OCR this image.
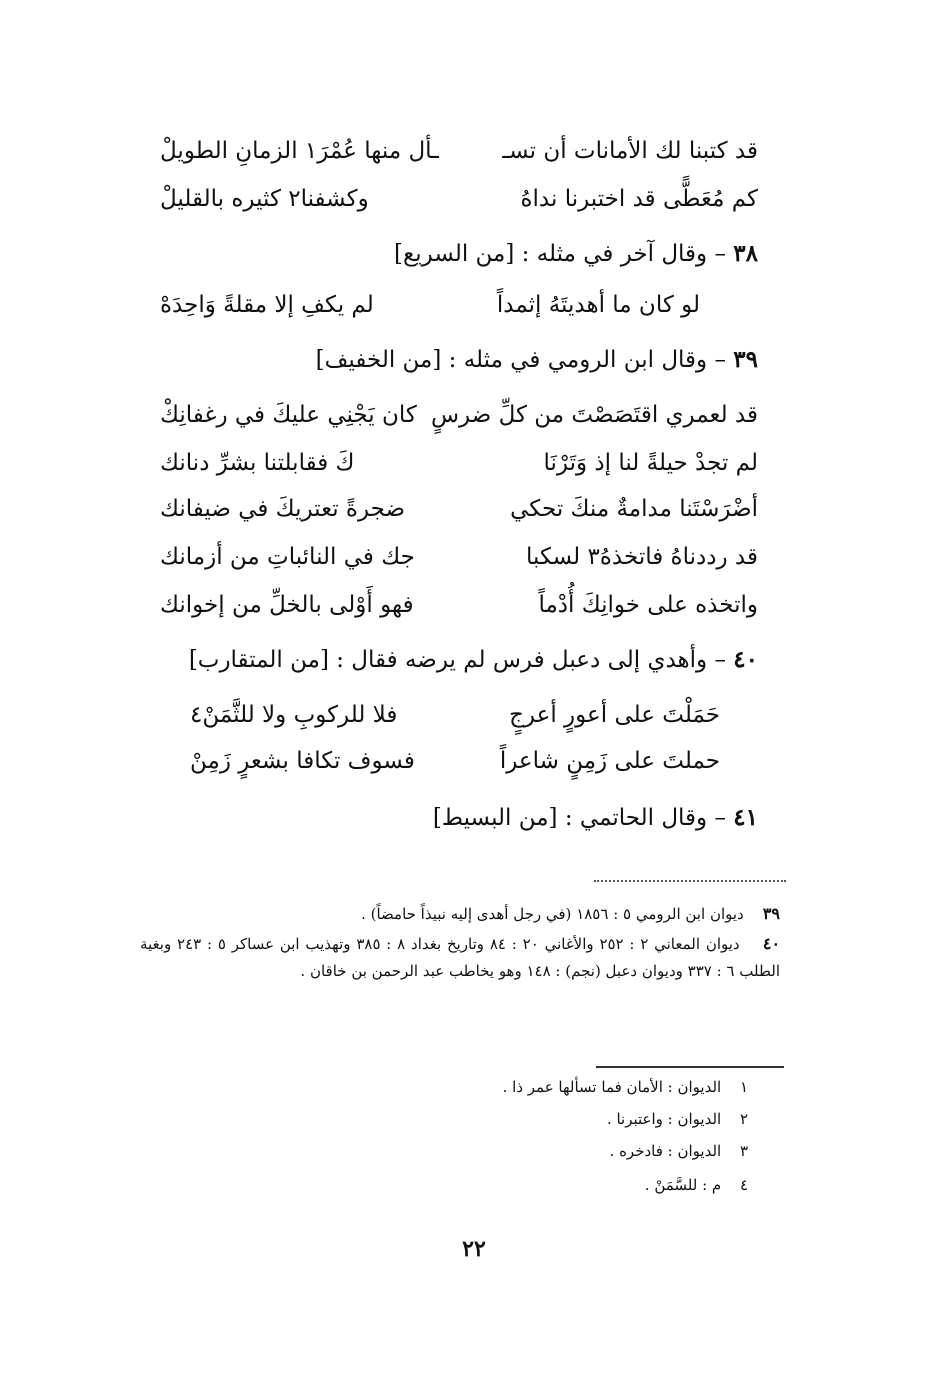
قد كتبنا لك الأمانات أن تسـ
ـأل منها عُمْرَ١ الزمانِ الطويلْ
كم مُعَطًّى قد اختبرنا نداهُ
وكشفنا٢ كثيره بالقليلْ
٣٨ – وقال آخر في مثله : [من السريع]
لو كان ما أهديتَهُ إثمداً
لم يكفِ إلا مقلةً وَاحِدَهْ
٣٩ – وقال ابن الرومي في مثله : [من الخفيف]
قد لعمري اقتَصَصْتَ من كلِّ ضرسٍ
كان يَجْنِي عليكَ في رغفانِكْ
لم تجدْ حيلةً لنا إذ وَتَرْنَا
كَ فقابلتنا بشرِّ دنانك
أضْرَسْتَنا مدامةٌ منكَ تحكي
ضجرةً تعتريكَ في ضيفانك
قد رددناهُ فاتخذهُ٣ لسكبا
جك في النائباتِ من أزمانك
واتخذه على خوانِكَ أُدْماً
فهو أَوْلى بالخلِّ من إخوانك
٤٠ – وأهدي إلى دعبل فرس لم يرضه فقال : [من المتقارب]
حَمَلْتَ على أعورٍ أعرجٍ
فلا للركوبِ ولا للثَّمَنْ٤
حملتَ على زَمِنٍ شاعراً
فسوف تكافا بشعرٍ زَمِنْ
٤١ – وقال الحاتمي : [من البسيط]
٣٩    ديوان ابن الرومي ٥ : ١٨٥٦ (في رجل أهدى إليه نبيذاً حامضاً) .
٤٠    ديوان المعاني ٢ : ٢٥٢ والأغاني ٢٠ : ٨٤ وتاريخ بغداد ٨ : ٣٨٥ وتهذيب ابن عساكر ٥ : ٢٤٣ وبغية الطلب ٦ : ٣٣٧ وديوان دعبل (نجم) : ١٤٨ وهو يخاطب عبد الرحمن بن خاقان .
١ الديوان : الأمان فما تسألها عمر ذا .
٢ الديوان : واعتبرنا .
٣ الديوان : فادخره .
٤ م : للسَّمَنْ .
٢٢
